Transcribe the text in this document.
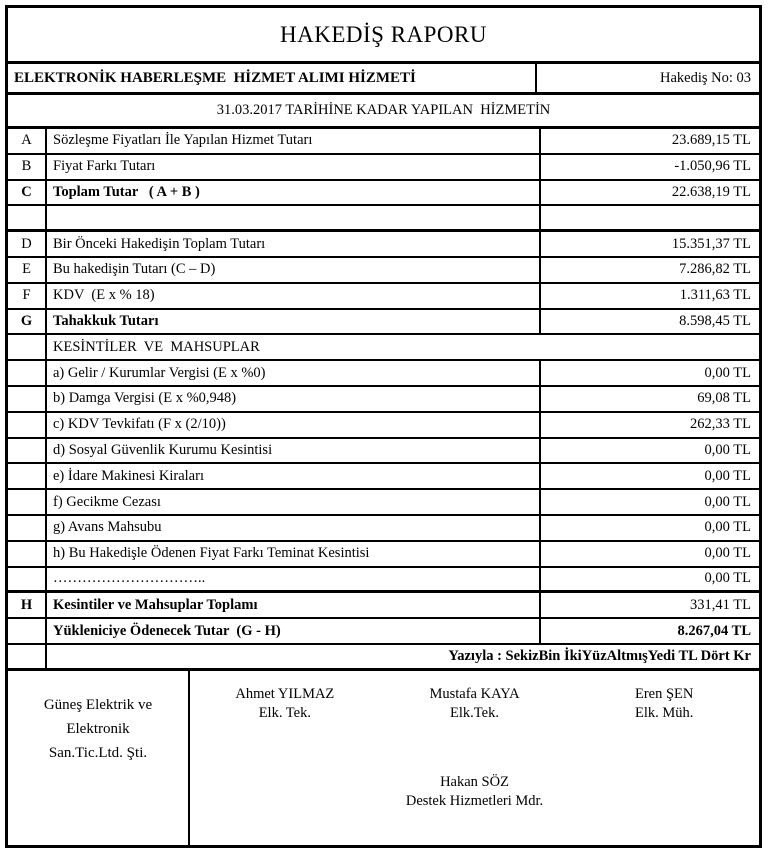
HAKEDİŞ RAPORU
ELEKTRONİK HABERLEŞME  HİZMET ALIMI HİZMETİ	Hakediş No: 03
31.03.2017 TARİHİNE KADAR YAPILAN  HİZMETİN
A	Sözleşme Fiyatları İle Yapılan Hizmet Tutarı	23.689,15 TL
B	Fiyat Farkı Tutarı	-1.050,96 TL
C	Toplam Tutar   ( A + B )	22.638,19 TL
D	Bir Önceki Hakedişin Toplam Tutarı	15.351,37 TL
E	Bu hakedişin Tutarı (C – D)	7.286,82 TL
F	KDV  (E x % 18)	1.311,63 TL
G	Tahakkuk Tutarı	8.598,45 TL
KESİNTİLER  VE  MAHSUPLAR
a) Gelir / Kurumlar Vergisi (E x %0)	0,00 TL
b) Damga Vergisi (E x %0,948)	69,08 TL
c) KDV Tevkifatı (F x (2/10))	262,33 TL
d) Sosyal Güvenlik Kurumu Kesintisi	0,00 TL
e) İdare Makinesi Kiraları	0,00 TL
f) Gecikme Cezası	0,00 TL
g) Avans Mahsubu	0,00 TL
h) Bu Hakedişle Ödenen Fiyat Farkı Teminat Kesintisi	0,00 TL
…………………………..	0,00 TL
H	Kesintiler ve Mahsuplar Toplamı	331,41 TL
Yükleniciye Ödenecek Tutar  (G - H)	8.267,04 TL
Yazıyla : SekizBin İkiYüzAltmışYedi TL Dört Kr
Güneş Elektrik ve
Elektronik
San.Tic.Ltd. Şti.
Ahmet YILMAZ
Elk. Tek.
Mustafa KAYA
Elk.Tek.
Eren ŞEN
Elk. Müh.
Hakan SÖZ
Destek Hizmetleri Mdr.
